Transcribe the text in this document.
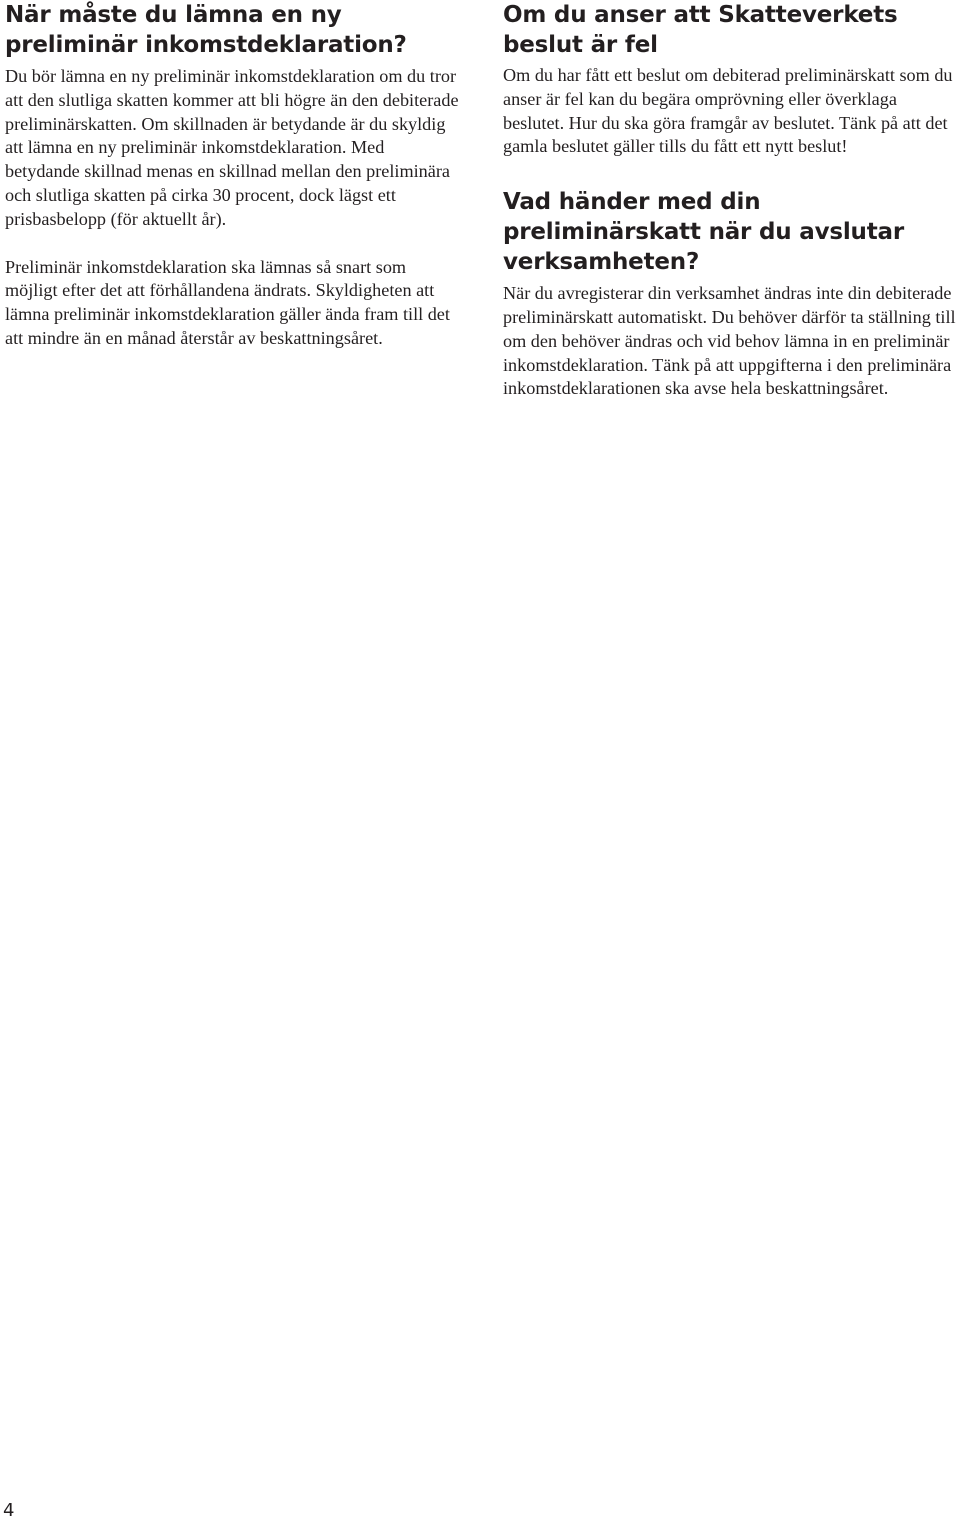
När måste du lämna en ny preliminär inkomstdeklaration?

Du bör lämna en ny preliminär inkomstdeklaration om du tror att den slutliga skatten kommer att bli högre än den debiterade preliminärskatten. Om skillnaden är betydande är du skyldig att lämna en ny preliminär inkomstdeklaration. Med betydande skillnad menas en skillnad mellan den preliminära och slutliga skatten på cirka 30 procent, dock lägst ett prisbasbelopp (för aktuellt år).

Preliminär inkomstdeklaration ska lämnas så snart som möjligt efter det att förhållandena ändrats. Skyldigheten att lämna preliminär inkomstdeklaration gäller ända fram till det att mindre än en månad återstår av beskattningsåret.

Om du anser att Skatteverkets beslut är fel

Om du har fått ett beslut om debiterad preliminärskatt som du anser är fel kan du begära omprövning eller överklaga beslutet. Hur du ska göra framgår av beslutet. Tänk på att det gamla beslutet gäller tills du fått ett nytt beslut!

Vad händer med din preliminärskatt när du avslutar verksamheten?

När du avregisterar din verksamhet ändras inte din debiterade preliminärskatt automatiskt. Du behöver därför ta ställning till om den behöver ändras och vid behov lämna in en preliminär inkomstdeklaration. Tänk på att uppgifterna i den preliminära inkomstdeklarationen ska avse hela beskattningsåret.

4
